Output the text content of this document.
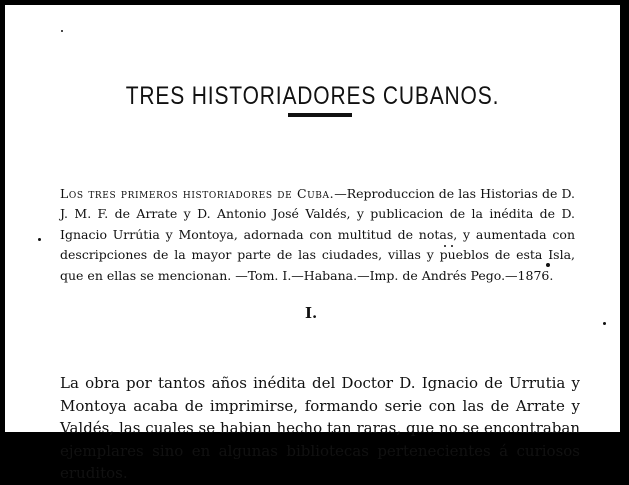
TRES HISTORIADORES CUBANOS.

Los tres primeros historiadores de Cuba.—Reproduccion de las Historias de D. J. M. F. de Arrate y D. Antonio José Valdés, y publicacion de la inédita de D. Ignacio Urrútia y Montoya, adornada con multitud de notas, y aumentada con descripciones de la mayor parte de las ciudades, villas y pueblos de esta Isla, que en ellas se mencionan. —Tom. I.—Habana.—Imp. de Andrés Pego.—1876.

I.

La obra por tantos años inédita del Doctor D. Ignacio de Urrutia y Montoya acaba de imprimirse, formando serie con las de Arrate y Valdés, las cuales se habian hecho tan raras, que no se encontraban ejemplares sino en algunas bibliotecas pertenecientes á curiosos eruditos.
